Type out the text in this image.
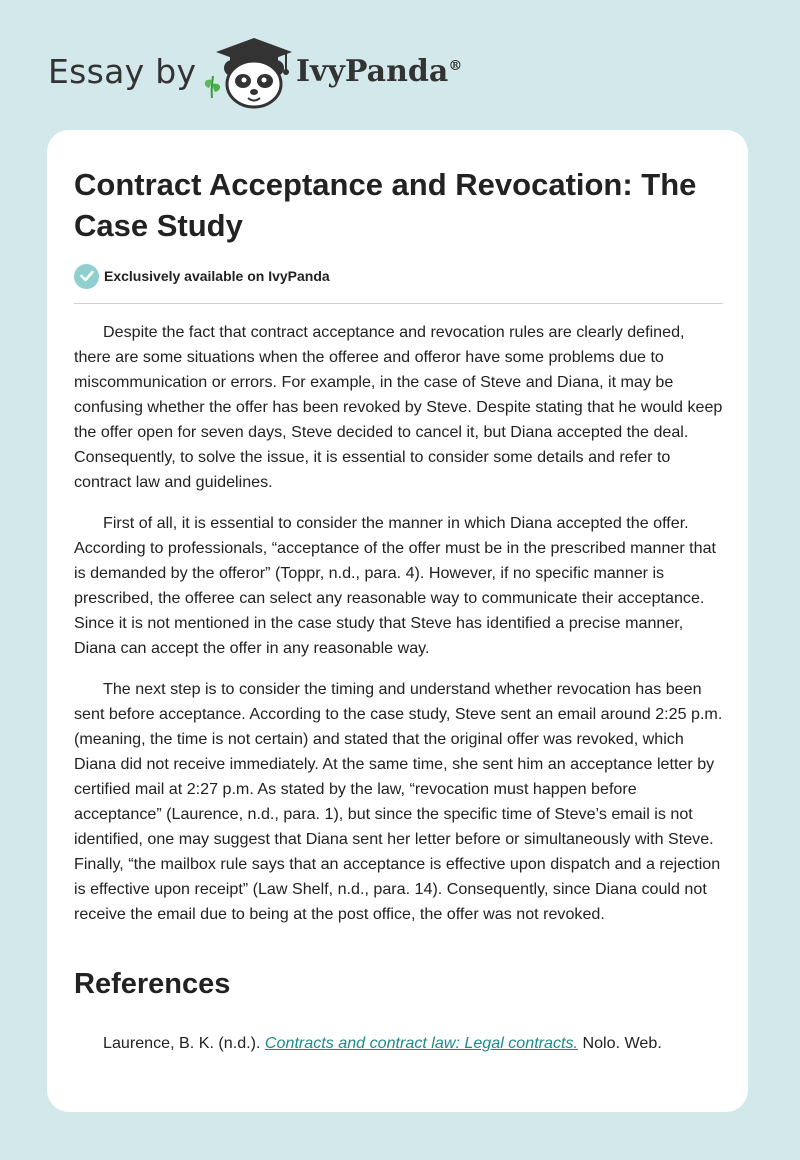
Essay by	IvyPanda®
Contract Acceptance and Revocation: The Case Study
Exclusively available on IvyPanda

Despite the fact that contract acceptance and revocation rules are clearly defined, there are some situations when the offeree and offeror have some problems due to miscommunication or errors. For example, in the case of Steve and Diana, it may be confusing whether the offer has been revoked by Steve. Despite stating that he would keep the offer open for seven days, Steve decided to cancel it, but Diana accepted the deal. Consequently, to solve the issue, it is essential to consider some details and refer to contract law and guidelines.

First of all, it is essential to consider the manner in which Diana accepted the offer. According to professionals, “acceptance of the offer must be in the prescribed manner that is demanded by the offeror” (Toppr, n.d., para. 4). However, if no specific manner is prescribed, the offeree can select any reasonable way to communicate their acceptance. Since it is not mentioned in the case study that Steve has identified a precise manner, Diana can accept the offer in any reasonable way.

The next step is to consider the timing and understand whether revocation has been sent before acceptance. According to the case study, Steve sent an email around 2:25 p.m. (meaning, the time is not certain) and stated that the original offer was revoked, which Diana did not receive immediately. At the same time, she sent him an acceptance letter by certified mail at 2:27 p.m. As stated by the law, “revocation must happen before acceptance” (Laurence, n.d., para. 1), but since the specific time of Steve’s email is not identified, one may suggest that Diana sent her letter before or simultaneously with Steve. Finally, “the mailbox rule says that an acceptance is effective upon dispatch and a rejection is effective upon receipt” (Law Shelf, n.d., para. 14). Consequently, since Diana could not receive the email due to being at the post office, the offer was not revoked.

References
Laurence, B. K. (n.d.). Contracts and contract law: Legal contracts. Nolo. Web.
